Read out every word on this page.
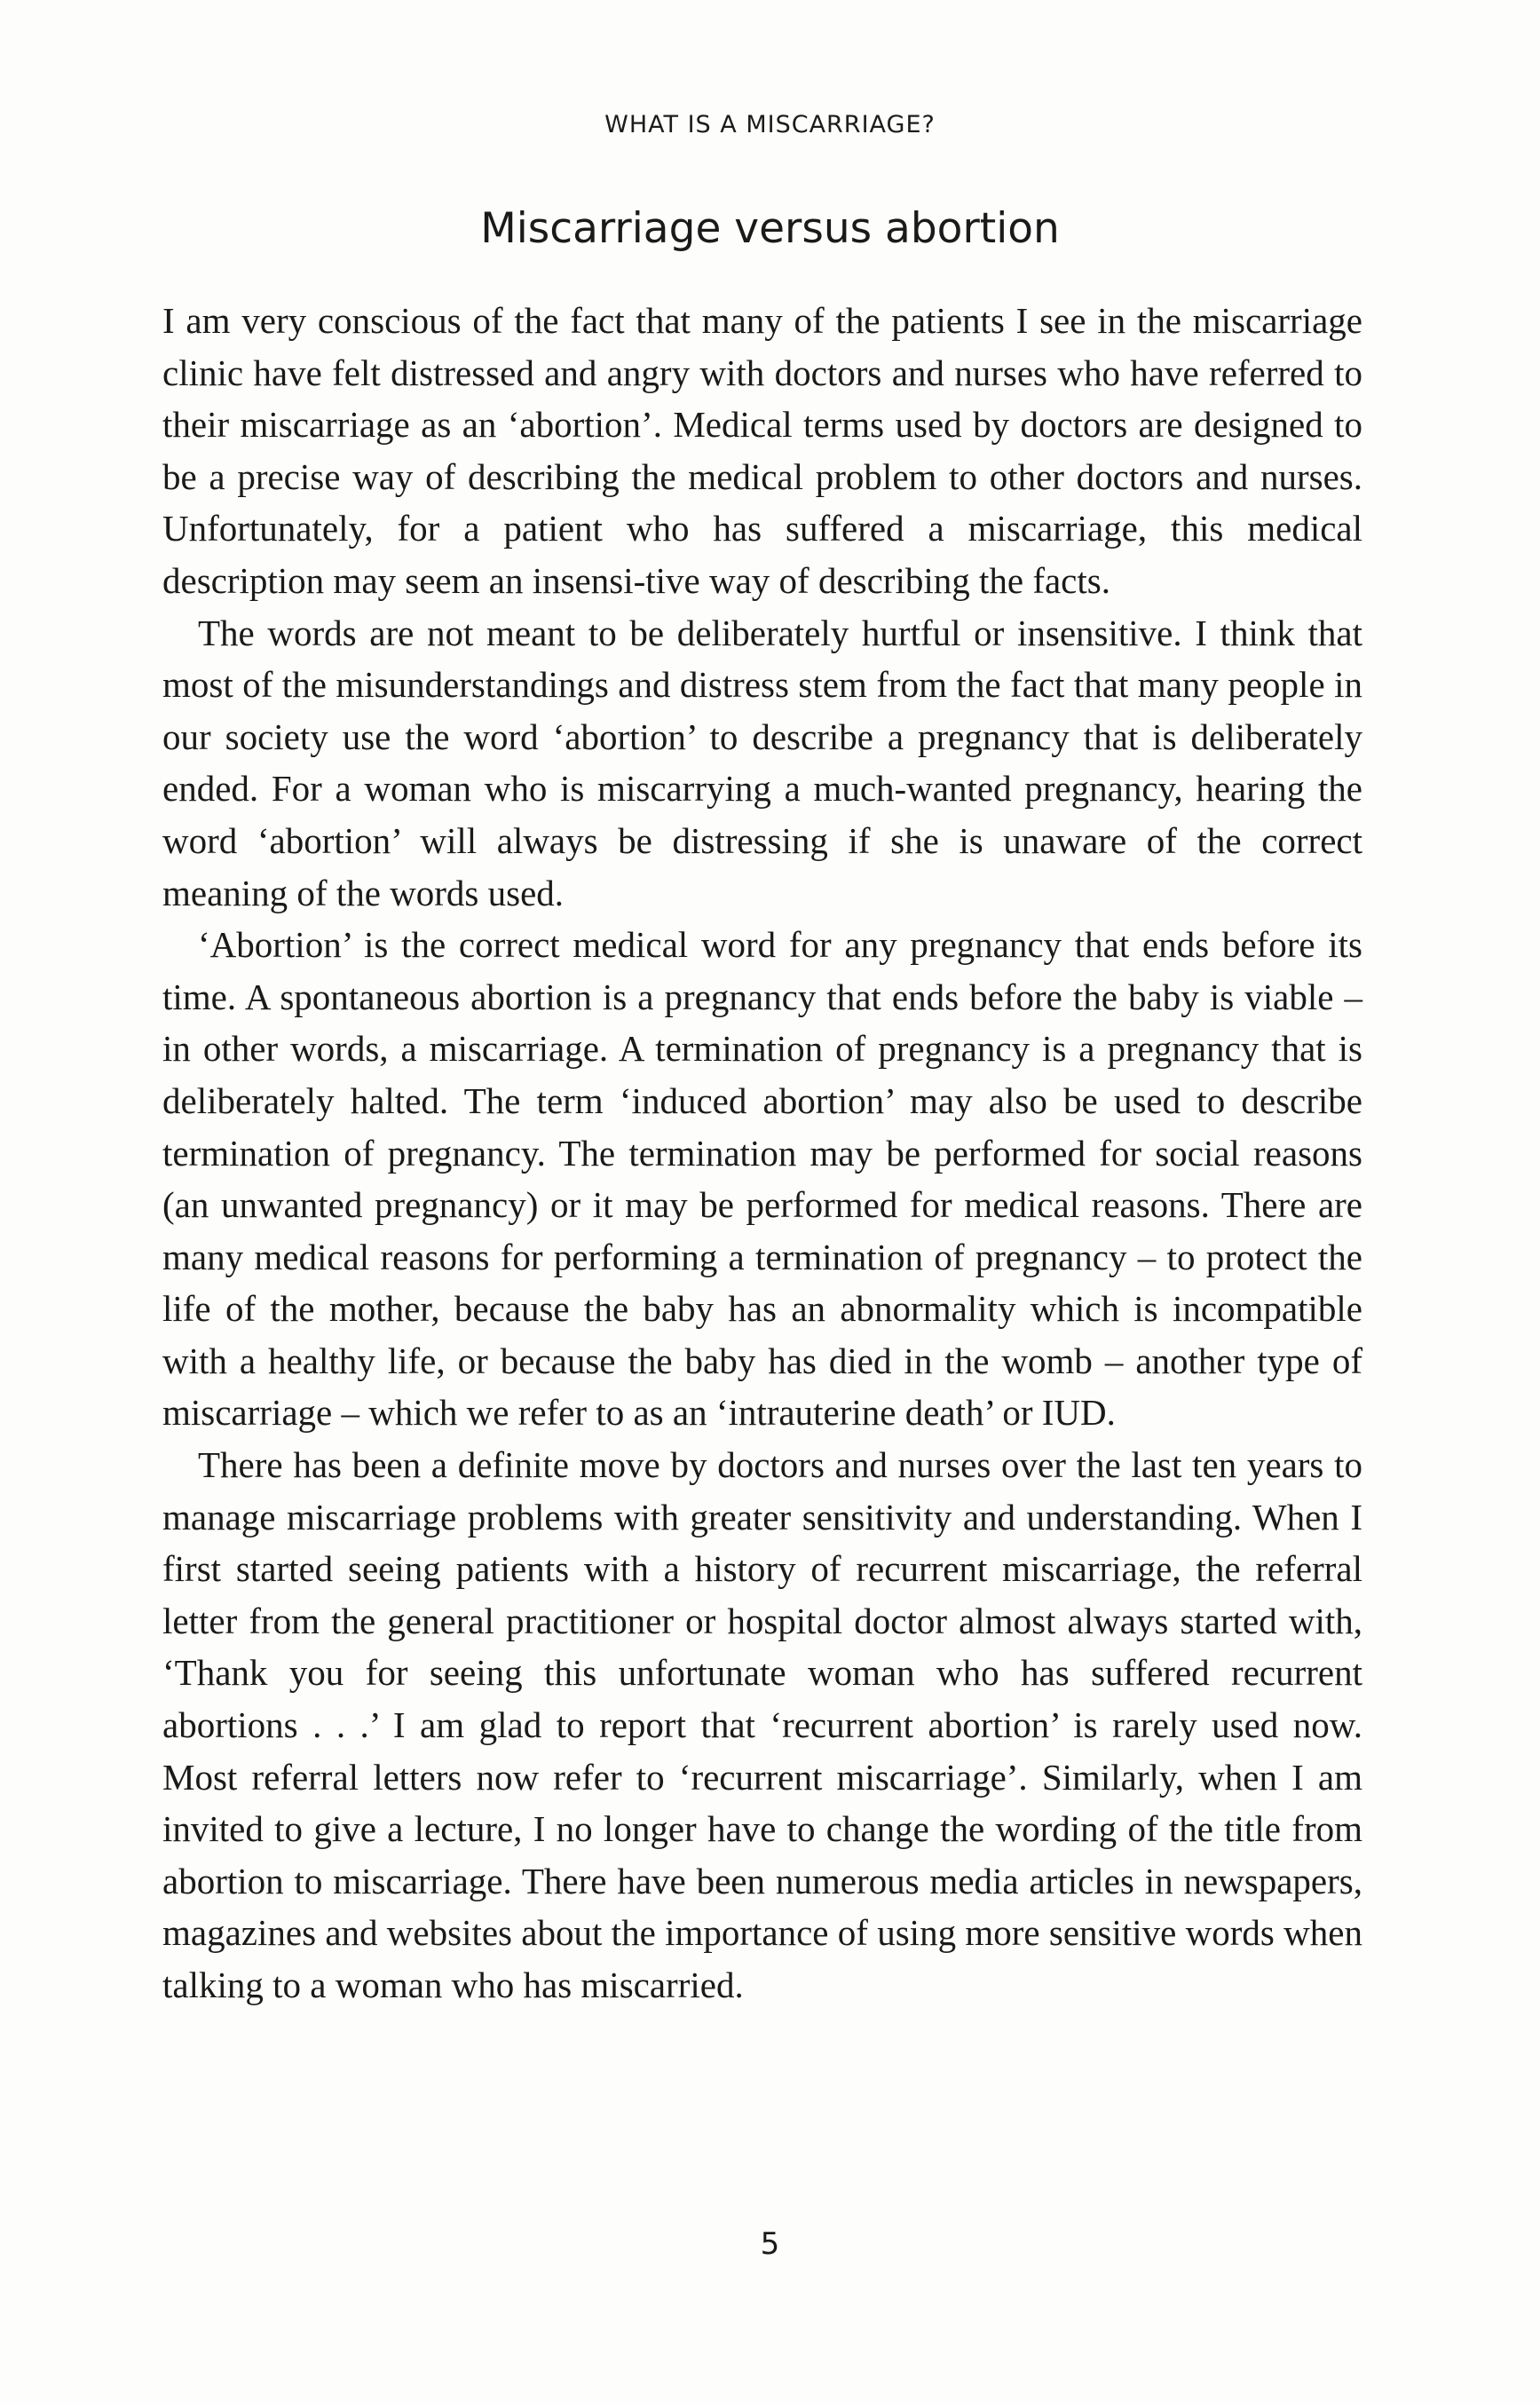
WHAT IS A MISCARRIAGE?
Miscarriage versus abortion

I am very conscious of the fact that many of the patients I see in the miscarriage clinic have felt distressed and angry with doctors and nurses who have referred to their miscarriage as an ‘abortion’. Medical terms used by doctors are designed to be a precise way of describing the medical problem to other doctors and nurses. Unfortunately, for a patient who has suffered a miscarriage, this medical description may seem an insensi-tive way of describing the facts.

The words are not meant to be deliberately hurtful or insensitive. I think that most of the misunderstandings and distress stem from the fact that many people in our society use the word ‘abortion’ to describe a pregnancy that is deliberately ended. For a woman who is miscarrying a much-wanted pregnancy, hearing the word ‘abortion’ will always be distressing if she is unaware of the correct meaning of the words used.

‘Abortion’ is the correct medical word for any pregnancy that ends before its time. A spontaneous abortion is a pregnancy that ends before the baby is viable – in other words, a miscarriage. A termination of pregnancy is a pregnancy that is deliberately halted. The term ‘induced abortion’ may also be used to describe termination of pregnancy. The termination may be performed for social reasons (an unwanted pregnancy) or it may be performed for medical reasons. There are many medical reasons for performing a termination of pregnancy – to protect the life of the mother, because the baby has an abnormality which is incompatible with a healthy life, or because the baby has died in the womb – another type of miscarriage – which we refer to as an ‘intrauterine death’ or IUD.

There has been a definite move by doctors and nurses over the last ten years to manage miscarriage problems with greater sensitivity and understanding. When I first started seeing patients with a history of recurrent miscarriage, the referral letter from the general practitioner or hospital doctor almost always started with, ‘Thank you for seeing this unfortunate woman who has suffered recurrent abortions . . .’ I am glad to report that ‘recurrent abortion’ is rarely used now. Most referral letters now refer to ‘recurrent miscarriage’. Similarly, when I am invited to give a lecture, I no longer have to change the wording of the title from abortion to miscarriage. There have been numerous media articles in newspapers, magazines and websites about the importance of using more sensitive words when talking to a woman who has miscarried.

5
